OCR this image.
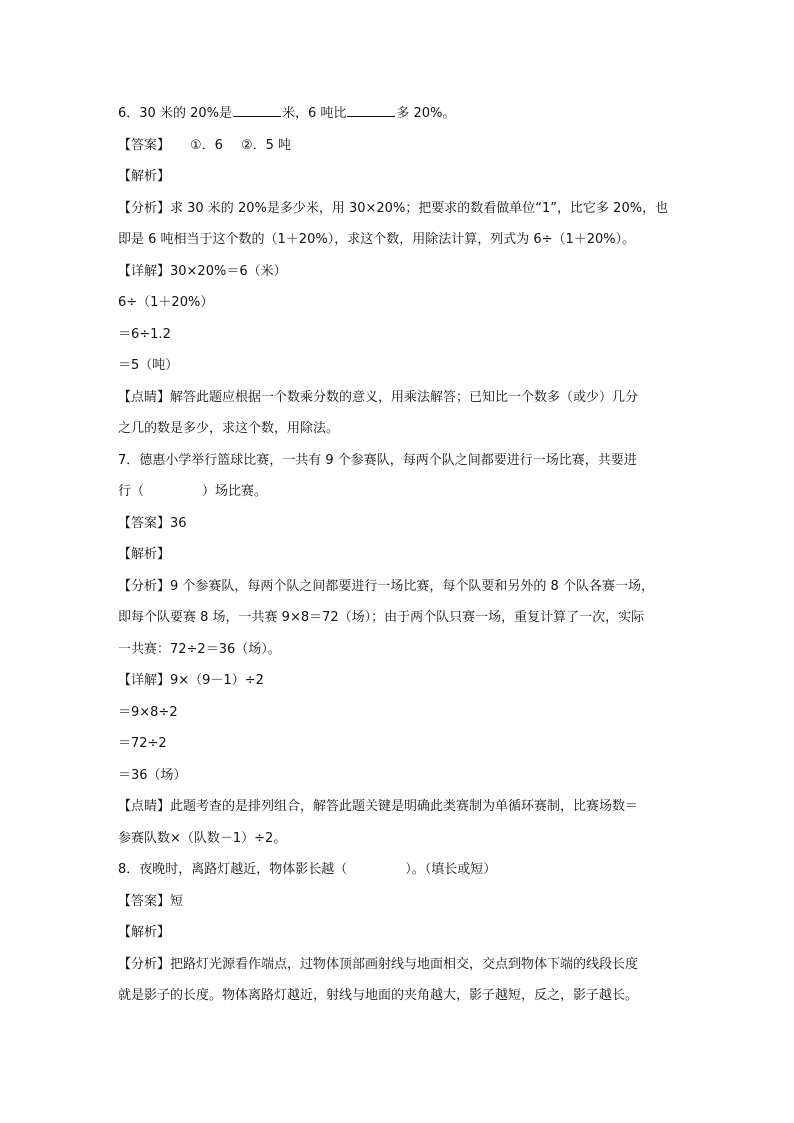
6．30 米的 20%是	米，6 吨比	多 20%。
【答案】 ①．6 ②．5 吨
【解析】
【分析】求 30 米的 20%是多少米，用 30×20%；把要求的数看做单位“1”，比它多 20%，也
即是 6 吨相当于这个数的（1＋20%），求这个数，用除法计算，列式为 6÷（1＋20%）。
【详解】30×20%＝6（米）
6÷（1＋20%）
＝6÷1.2
＝5（吨）
【点睛】解答此题应根据一个数乘分数的意义，用乘法解答；已知比一个数多（或少）几分
之几的数是多少，求这个数，用除法。
7．德惠小学举行篮球比赛，一共有 9 个参赛队，每两个队之间都要进行一场比赛，共要进
行（	）场比赛。
【答案】36
【解析】
【分析】9 个参赛队，每两个队之间都要进行一场比赛，每个队要和另外的 8 个队各赛一场，
即每个队要赛 8 场，一共赛 9×8＝72（场）；由于两个队只赛一场，重复计算了一次，实际
一共赛：72÷2＝36（场）。
【详解】9×（9－1）÷2
＝9×8÷2
＝72÷2
＝36（场）
【点睛】此题考查的是排列组合，解答此题关键是明确此类赛制为单循环赛制，比赛场数＝
参赛队数×（队数－1）÷2。
8．夜晚时，离路灯越近，物体影长越（	）。（填长或短）
【答案】短
【解析】
【分析】把路灯光源看作端点，过物体顶部画射线与地面相交，交点到物体下端的线段长度
就是影子的长度。物体离路灯越近，射线与地面的夹角越大，影子越短，反之，影子越长。
